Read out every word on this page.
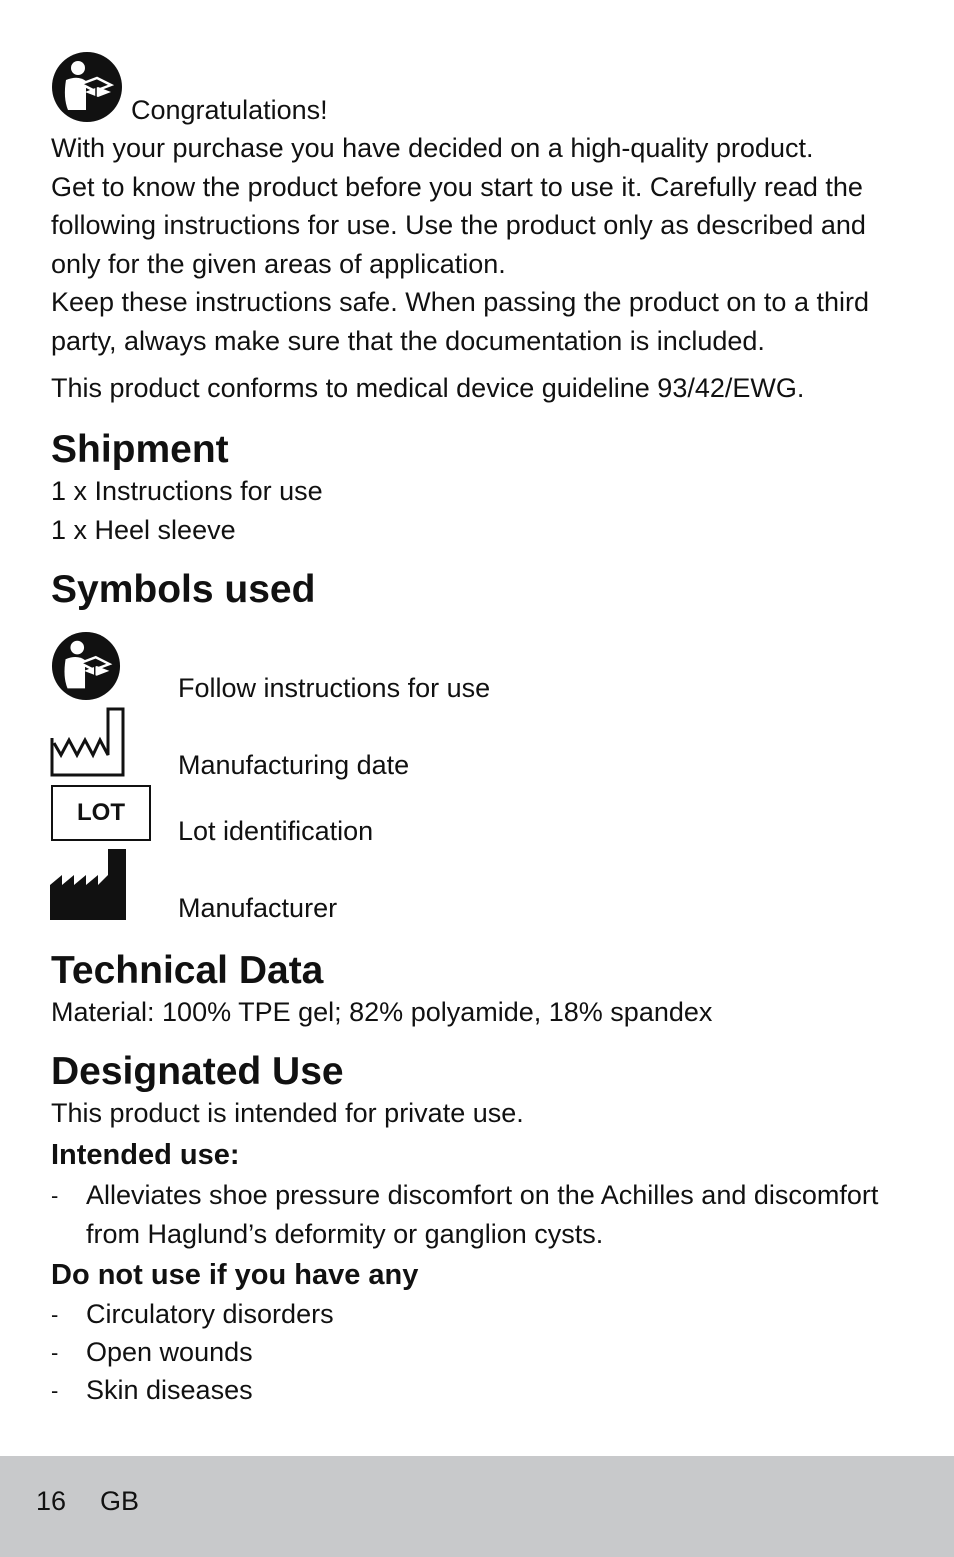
Congratulations!
With your purchase you have decided on a high-quality product.
Get to know the product before you start to use it. Carefully read the
following instructions for use. Use the product only as described and
only for the given areas of application.
Keep these instructions safe. When passing the product on to a third
party, always make sure that the documentation is included.
This product conforms to medical device guideline 93/42/EWG.
Shipment
1 x Instructions for use
1 x Heel sleeve
Symbols used
Follow instructions for use
Manufacturing date
LOT
Lot identification
Manufacturer
Technical Data
Material: 100% TPE gel; 82% polyamide, 18% spandex
Designated Use
This product is intended for private use.
Intended use:
- Alleviates shoe pressure discomfort on the Achilles and discomfort
from Haglund’s deformity or ganglion cysts.
Do not use if you have any
- Circulatory disorders
- Open wounds
- Skin diseases
16 GB
